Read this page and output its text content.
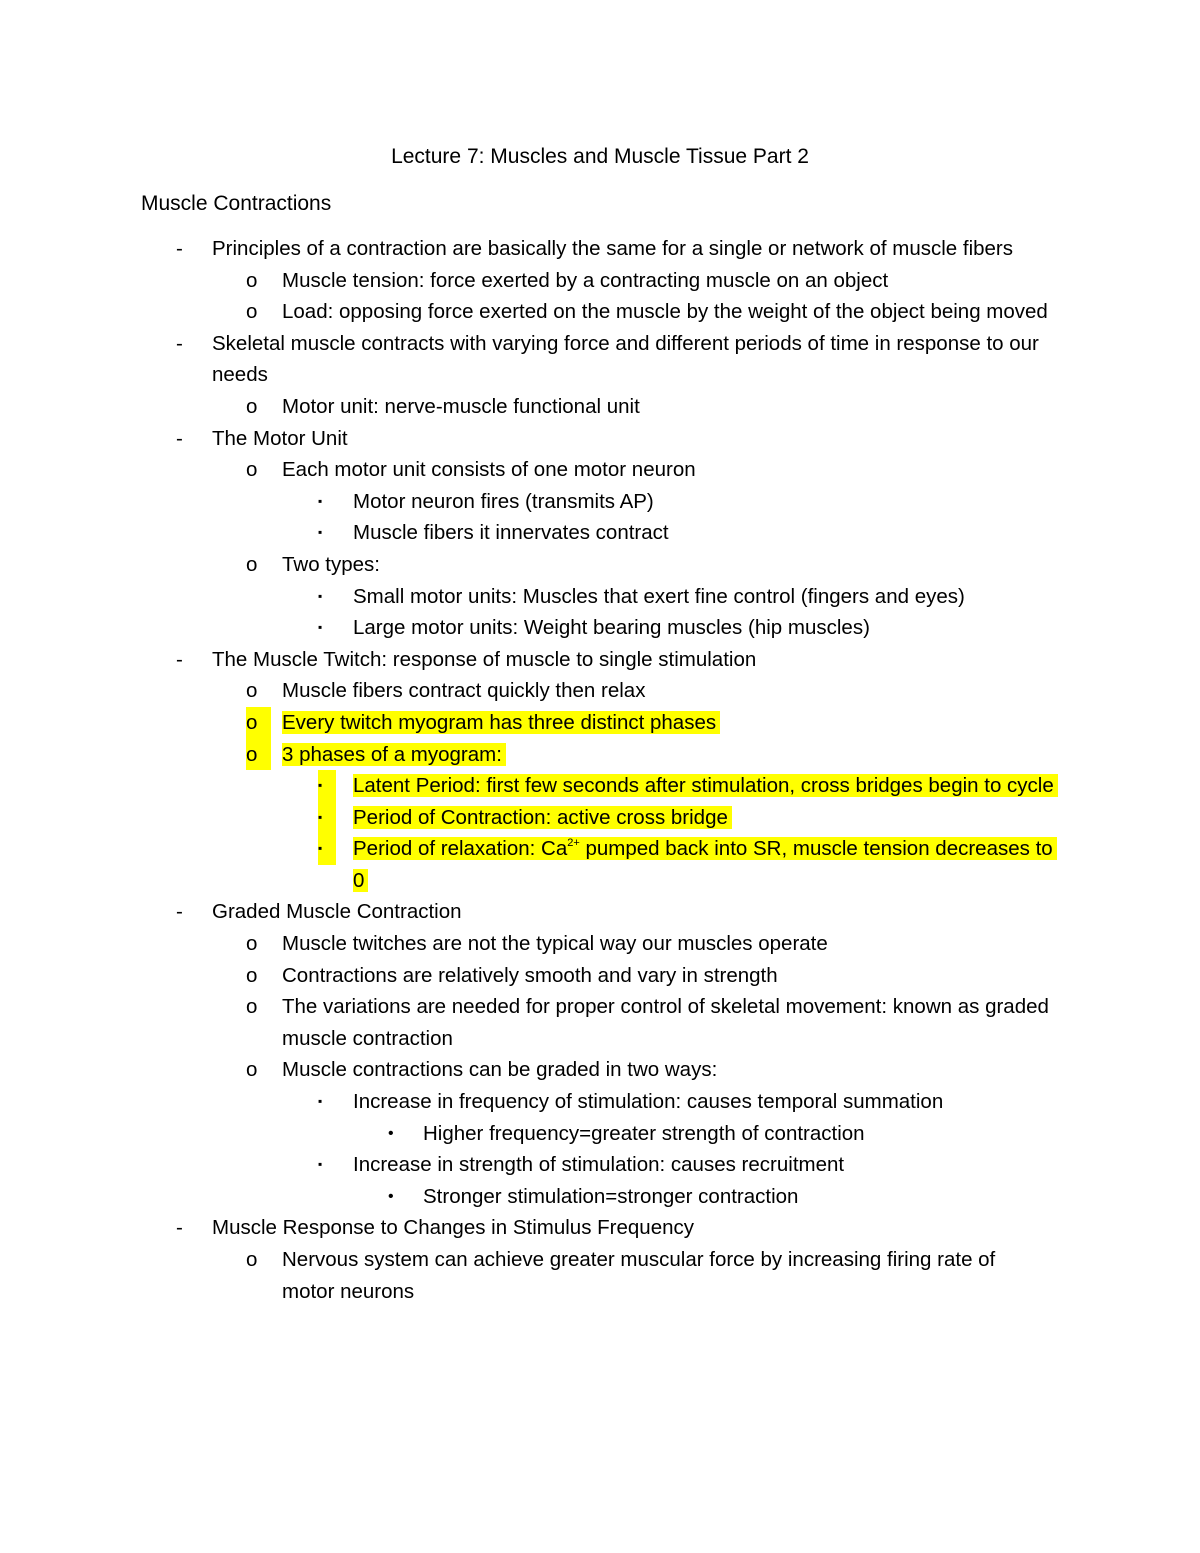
Lecture 7: Muscles and Muscle Tissue Part 2
Muscle Contractions
- Principles of a contraction are basically the same for a single or network of muscle fibers
o Muscle tension: force exerted by a contracting muscle on an object
o Load: opposing force exerted on the muscle by the weight of the object being moved
- Skeletal muscle contracts with varying force and different periods of time in response to our needs
o Motor unit: nerve-muscle functional unit
- The Motor Unit
o Each motor unit consists of one motor neuron
▪ Motor neuron fires (transmits AP)
▪ Muscle fibers it innervates contract
o Two types:
▪ Small motor units: Muscles that exert fine control (fingers and eyes)
▪ Large motor units: Weight bearing muscles (hip muscles)
- The Muscle Twitch: response of muscle to single stimulation
o Muscle fibers contract quickly then relax
o	Every twitch myogram has three distinct phases
o	3 phases of a myogram:
▪	Latent Period: first few seconds after stimulation, cross bridges begin to cycle
▪	Period of Contraction: active cross bridge
▪	Period of relaxation: $Ca^{2+}$ pumped back into SR, muscle tension decreases to 0
- Graded Muscle Contraction
o Muscle twitches are not the typical way our muscles operate
o Contractions are relatively smooth and vary in strength
o The variations are needed for proper control of skeletal movement: known as graded muscle contraction
o Muscle contractions can be graded in two ways:
▪ Increase in frequency of stimulation: causes temporal summation
• Higher frequency=greater strength of contraction
▪ Increase in strength of stimulation: causes recruitment
• Stronger stimulation=stronger contraction
- Muscle Response to Changes in Stimulus Frequency
o Nervous system can achieve greater muscular force by increasing firing rate of motor neurons
